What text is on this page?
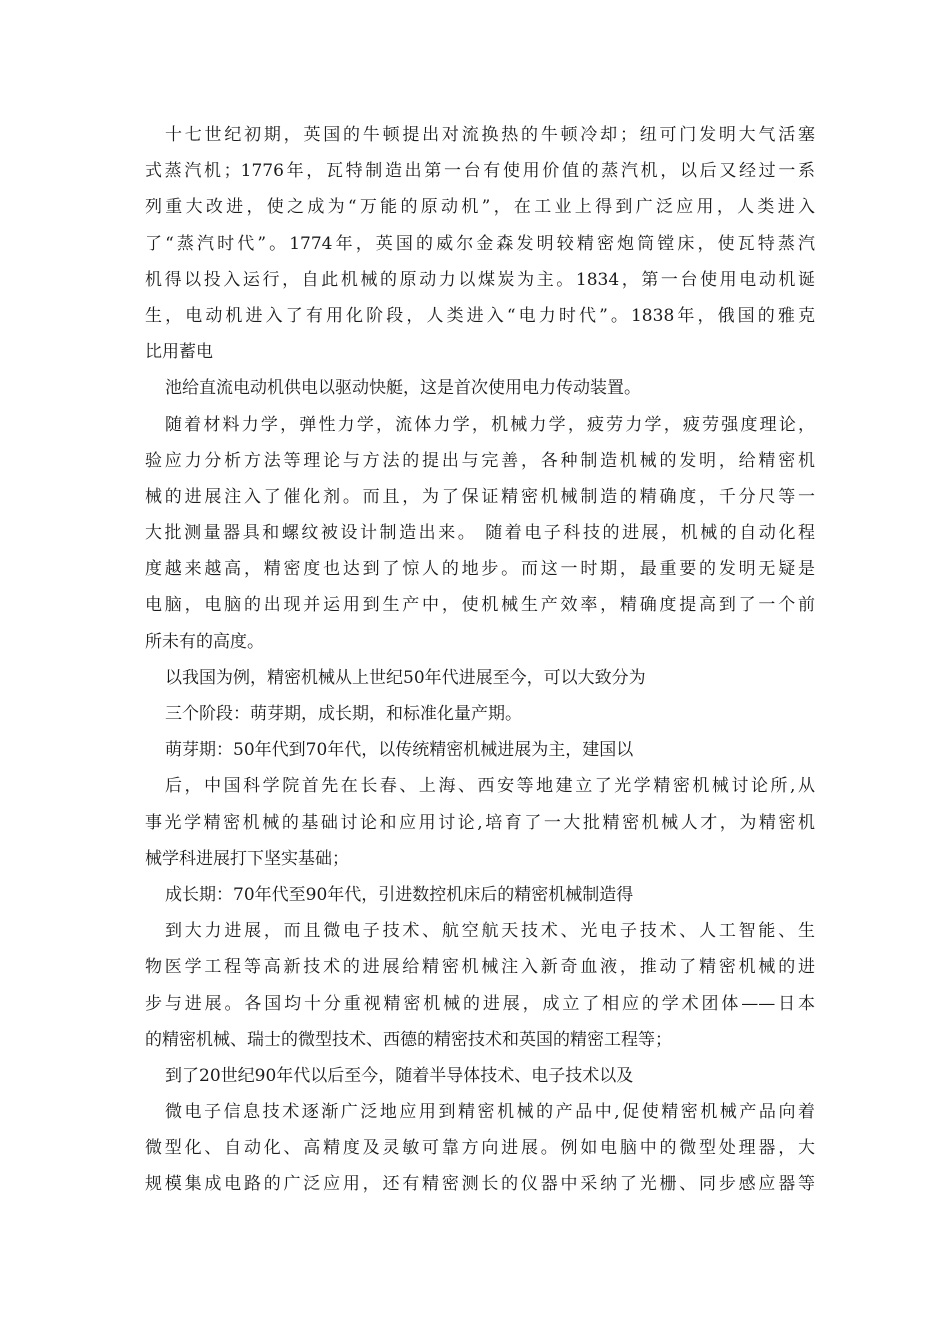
十七世纪初期，英国的牛顿提出对流换热的牛顿冷却；纽可门发明大气活塞
式蒸汽机；1776年，瓦特制造出第一台有使用价值的蒸汽机，以后又经过一系
列重大改进，使之成为“万能的原动机”，在工业上得到广泛应用，人类进入
了“蒸汽时代”。1774年，英国的威尔金森发明较精密炮筒镗床，使瓦特蒸汽
机得以投入运行，自此机械的原动力以煤炭为主。1834，第一台使用电动机诞
生，电动机进入了有用化阶段，人类进入“电力时代”。1838年，俄国的雅克
比用蓄电
池给直流电动机供电以驱动快艇，这是首次使用电力传动装置。
随着材料力学，弹性力学，流体力学，机械力学，疲劳力学，疲劳强度理论，
验应力分析方法等理论与方法的提出与完善，各种制造机械的发明，给精密机
械的进展注入了催化剂。而且，为了保证精密机械制造的精确度，千分尺等一
大批测量器具和螺纹被设计制造出来。 随着电子科技的进展，机械的自动化程
度越来越高，精密度也达到了惊人的地步。而这一时期，最重要的发明无疑是
电脑，电脑的出现并运用到生产中，使机械生产效率，精确度提高到了一个前
所未有的高度。
以我国为例，精密机械从上世纪50年代进展至今，可以大致分为
三个阶段：萌芽期，成长期，和标准化量产期。
萌芽期：50年代到70年代，以传统精密机械进展为主，建国以
后，中国科学院首先在长春、上海、西安等地建立了光学精密机械讨论所,从
事光学精密机械的基础讨论和应用讨论,培育了一大批精密机械人才，为精密机
械学科进展打下坚实基础；
成长期：70年代至90年代，引进数控机床后的精密机械制造得
到大力进展，而且微电子技术、航空航天技术、光电子技术、人工智能、生
物医学工程等高新技术的进展给精密机械注入新奇血液，推动了精密机械的进
步与进展。各国均十分重视精密机械的进展，成立了相应的学术团体——日本
的精密机械、瑞士的微型技术、西德的精密技术和英国的精密工程等；
到了20世纪90年代以后至今，随着半导体技术、电子技术以及
微电子信息技术逐渐广泛地应用到精密机械的产品中,促使精密机械产品向着
微型化、自动化、高精度及灵敏可靠方向进展。例如电脑中的微型处理器，大
规模集成电路的广泛应用，还有精密测长的仪器中采纳了光栅、同步感应器等
